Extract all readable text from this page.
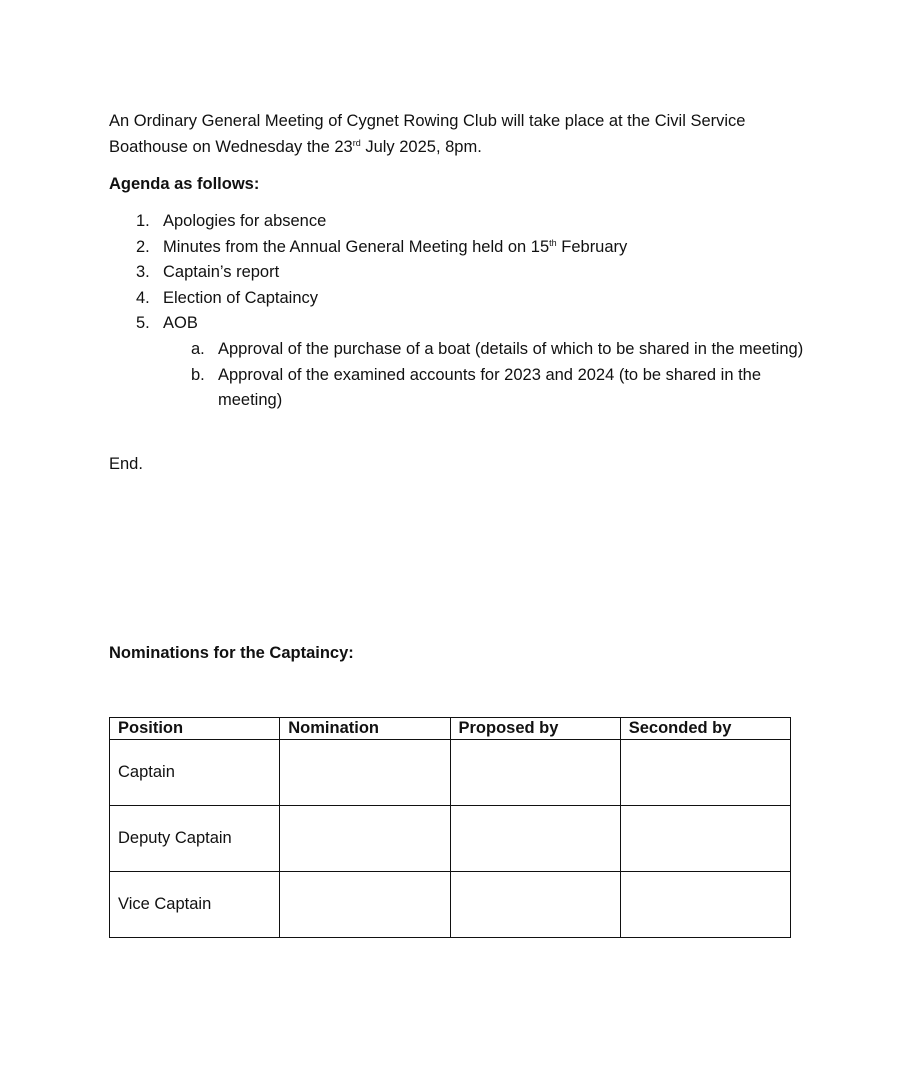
An Ordinary General Meeting of Cygnet Rowing Club will take place at the Civil Service Boathouse on Wednesday the 23rd July 2025, 8pm.

Agenda as follows:

1. Apologies for absence
2. Minutes from the Annual General Meeting held on 15th February
3. Captain’s report
4. Election of Captaincy
5. AOB
a. Approval of the purchase of a boat (details of which to be shared in the meeting)
b. Approval of the examined accounts for 2023 and 2024 (to be shared in the meeting)

End.

Nominations for the Captaincy:

Position	Nomination	Proposed by	Seconded by
Captain			
Deputy Captain			
Vice Captain			
